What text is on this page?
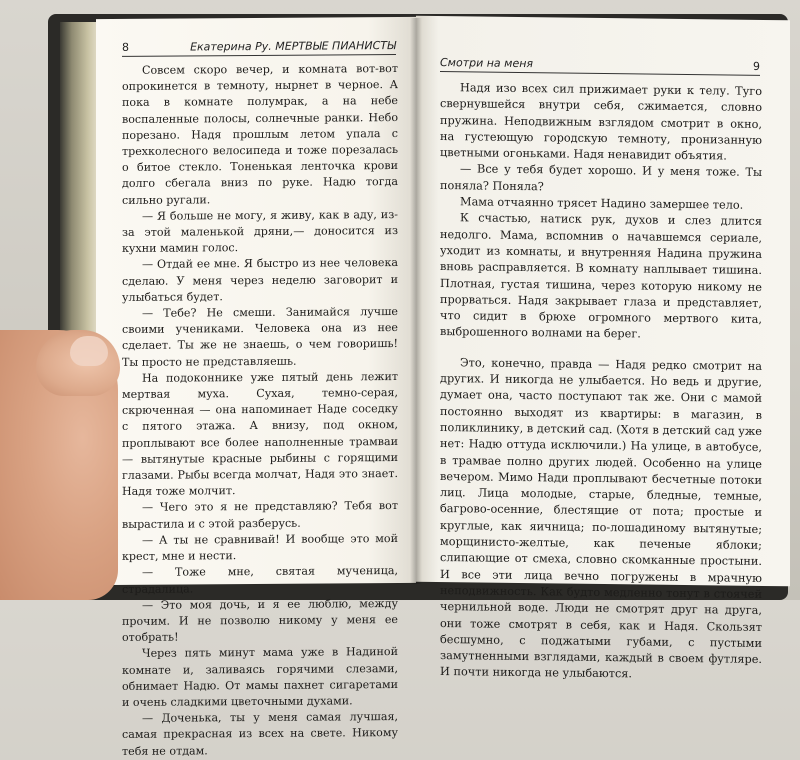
8	Екатерина Ру. МЕРТВЫЕ ПИАНИСТЫ

Совсем скоро вечер, и комната вот-вот опрокинется в темноту, нырнет в черное. А пока в комнате полумрак, а на небе воспаленные полосы, солнечные ранки. Небо порезано. Надя прошлым летом упала с трехколесного велосипеда и тоже порезалась о битое стекло. Тоненькая ленточка крови долго сбегала вниз по руке. Надю тогда сильно ругали.

— Я больше не могу, я живу, как в аду, из-за этой маленькой дряни,— доносится из кухни мамин голос.

— Отдай ее мне. Я быстро из нее человека сделаю. У меня через неделю заговорит и улыбаться будет.

— Тебе? Не смеши. Занимайся лучше своими учениками. Человека она из нее сделает. Ты же не знаешь, о чем говоришь! Ты просто не представляешь.

На подоконнике уже пятый день лежит мертвая муха. Сухая, темно-серая, скрюченная — она напоминает Наде соседку с пятого этажа. А внизу, под окном, проплывают все более наполненные трамваи — вытянутые красные рыбины с горящими глазами. Рыбы всегда молчат, Надя это знает. Надя тоже молчит.

— Чего это я не представляю? Тебя вот вырастила и с этой разберусь.

— А ты не сравнивай! И вообще это мой крест, мне и нести.

— Тоже мне, святая мученица, страдалица.

— Это моя дочь, и я ее люблю, между прочим. И не позволю никому у меня ее отобрать!

Через пять минут мама уже в Надиной комнате и, заливаясь горячими слезами, обнимает Надю. От мамы пахнет сигаретами и очень сладкими цветочными духами.

— Доченька, ты у меня самая лучшая, самая прекрасная из всех на свете. Никому тебя не отдам.

Смотри на меня	9

Надя изо всех сил прижимает руки к телу. Туго свернувшейся внутри себя, сжимается, словно пружина. Неподвижным взглядом смотрит в окно, на густеющую городскую темноту, пронизанную цветными огоньками. Надя ненавидит объятия.

— Все у тебя будет хорошо. И у меня тоже. Ты поняла? Поняла?

Мама отчаянно трясет Надино замершее тело.

К счастью, натиск рук, духов и слез длится недолго. Мама, вспомнив о начавшемся сериале, уходит из комнаты, и внутренняя Надина пружина вновь расправляется. В комнату наплывает тишина. Плотная, густая тишина, через которую никому не прорваться. Надя закрывает глаза и представляет, что сидит в брюхе огромного мертвого кита, выброшенного волнами на берег.

Это, конечно, правда — Надя редко смотрит на других. И никогда не улыбается. Но ведь и другие, думает она, часто поступают так же. Они с мамой постоянно выходят из квартиры: в магазин, в поликлинику, в детский сад. (Хотя в детский сад уже нет: Надю оттуда исключили.) На улице, в автобусе, в трамвае полно других людей. Особенно на улице вечером. Мимо Нади проплывают бесчетные потоки лиц. Лица молодые, старые, бледные, темные, багрово-осенние, блестящие от пота; простые и круглые, как яичница; по-лошадиному вытянутые; морщинисто-желтые, как печеные яблоки; слипающие от смеха, словно скомканные простыни. И все эти лица вечно погружены в мрачную неподвижность. Как будто медленно тонут в стоячей чернильной воде. Люди не смотрят друг на друга, они тоже смотрят в себя, как и Надя. Скользят бесшумно, с поджатыми губами, с пустыми замутненными взглядами, каждый в своем футляре. И почти никогда не улыбаются.
